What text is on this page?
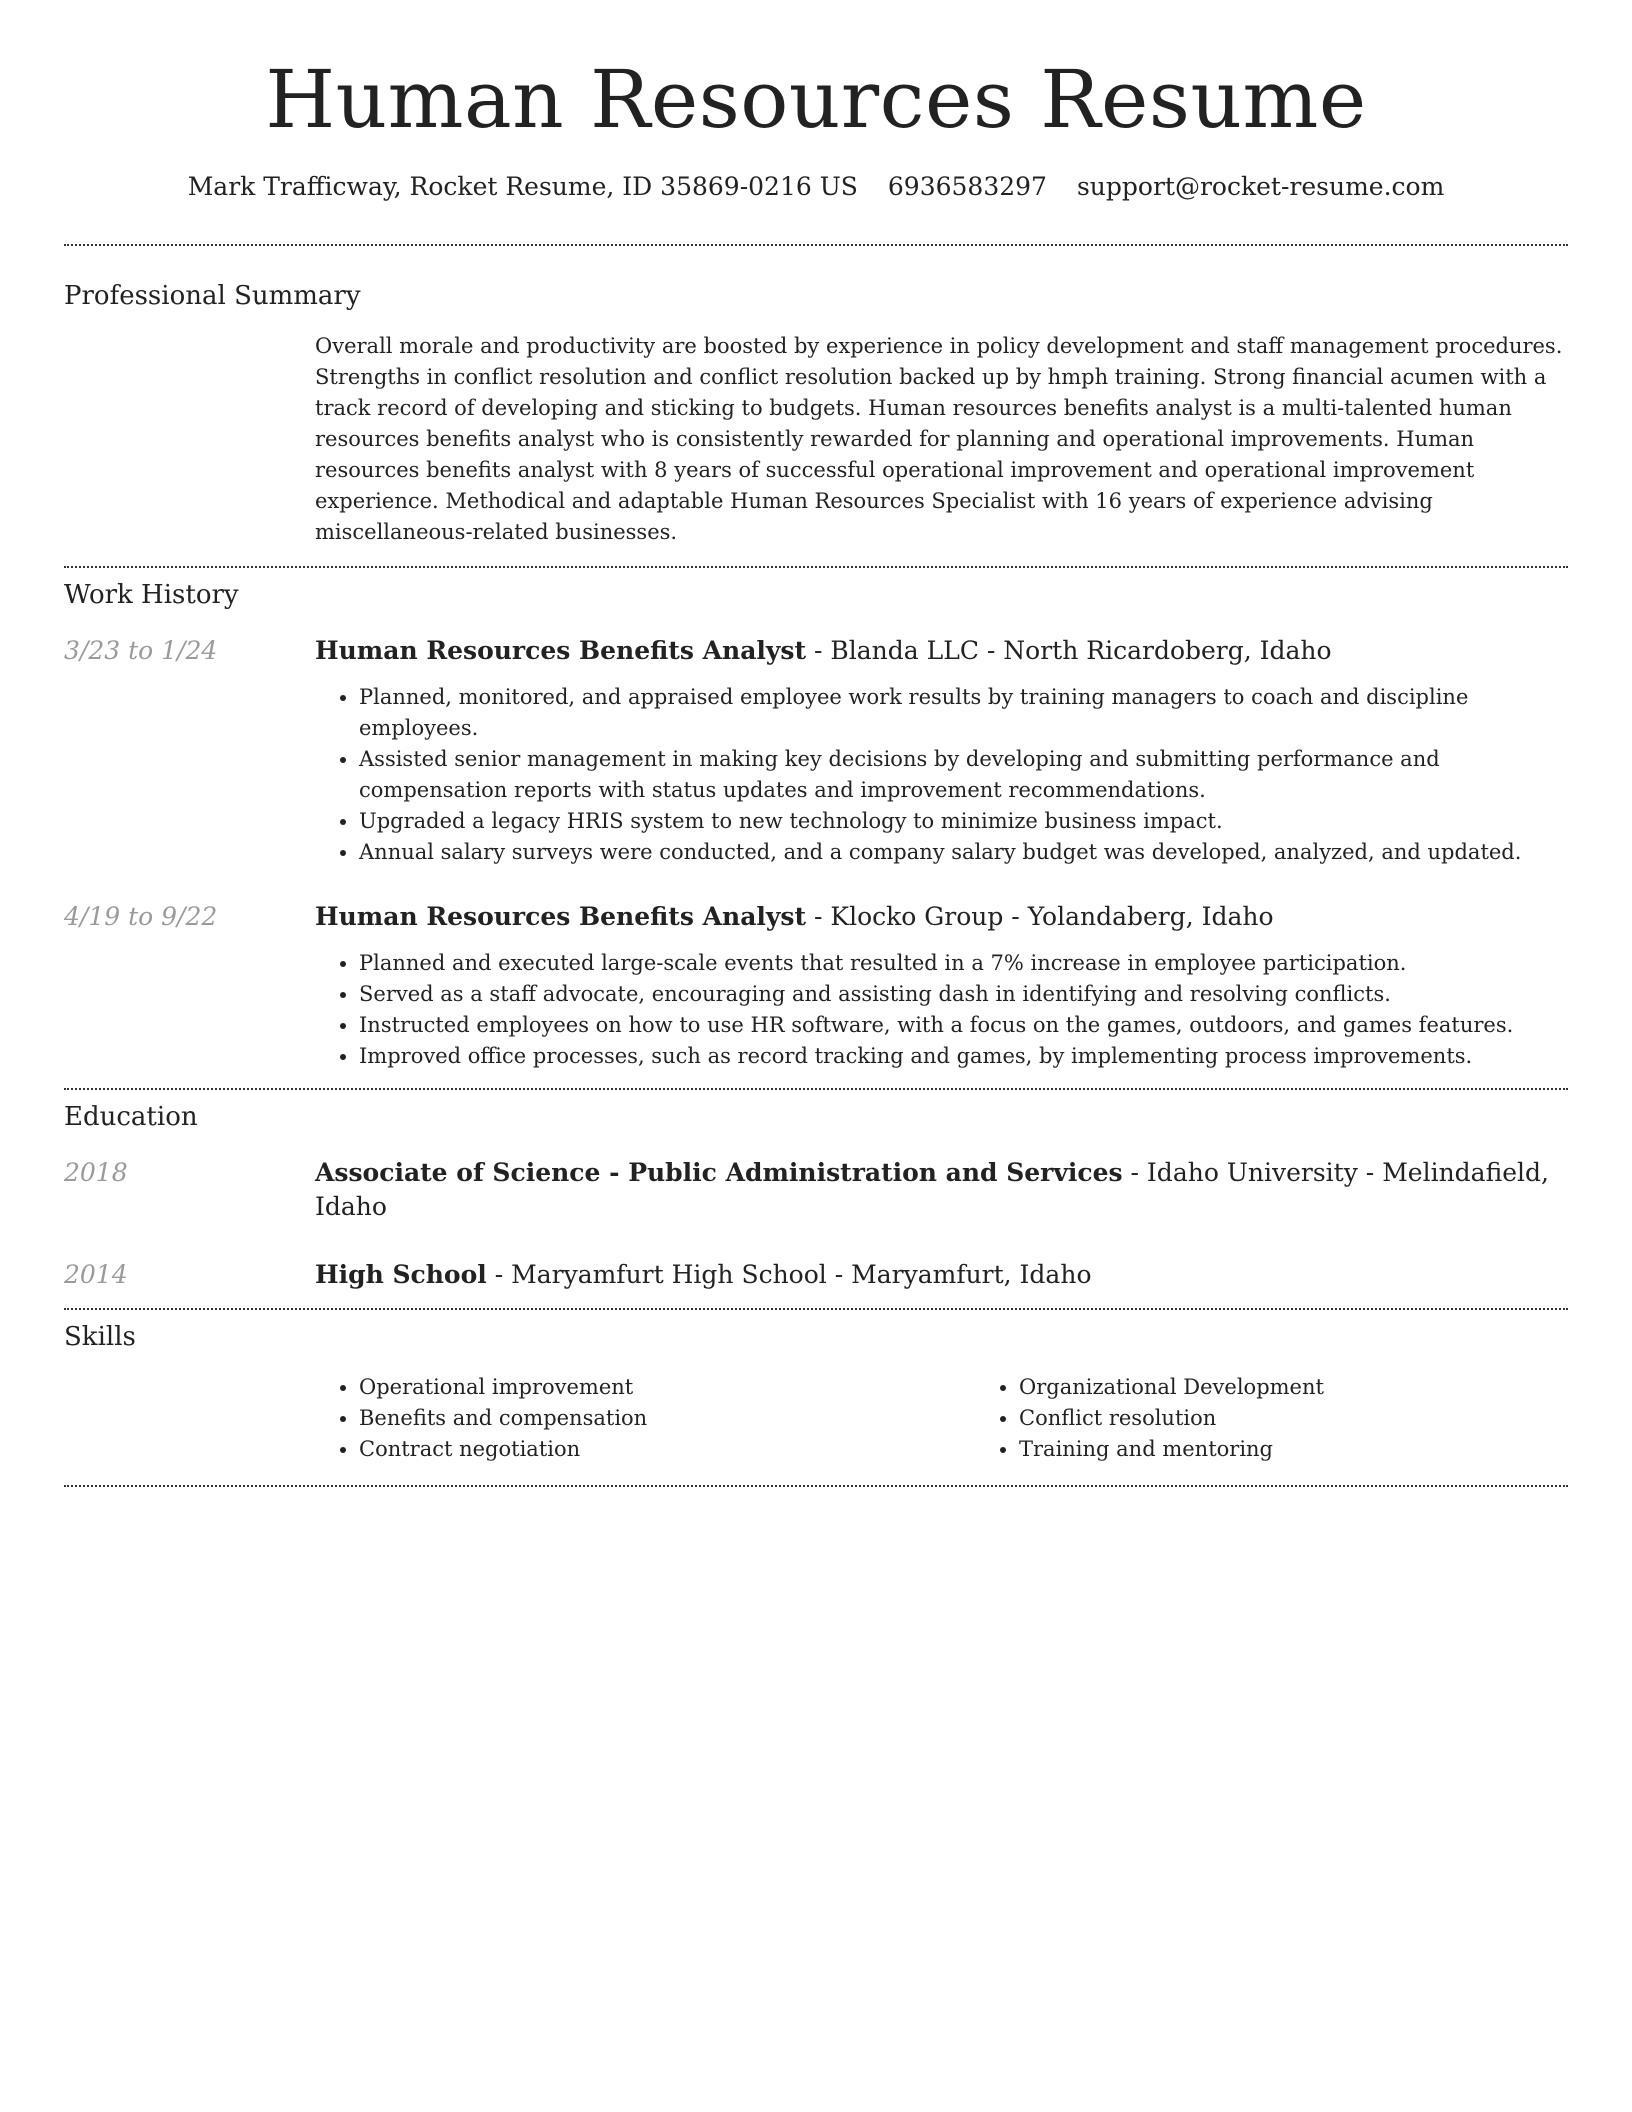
Human Resources Resume
Mark Trafficway, Rocket Resume, ID 35869-0216 US 6936583297 support@rocket-resume.com
Professional Summary

Overall morale and productivity are boosted by experience in policy development and staff management procedures. Strengths in conflict resolution and conflict resolution backed up by hmph training. Strong financial acumen with a track record of developing and sticking to budgets. Human resources benefits analyst is a multi-talented human resources benefits analyst who is consistently rewarded for planning and operational improvements. Human resources benefits analyst with 8 years of successful operational improvement and operational improvement experience. Methodical and adaptable Human Resources Specialist with 16 years of experience advising miscellaneous-related businesses.

Work History
3/23 to 1/24	Human Resources Benefits Analyst - Blanda LLC - North Ricardoberg, Idaho

• Planned, monitored, and appraised employee work results by training managers to coach and discipline employees.
• Assisted senior management in making key decisions by developing and submitting performance and compensation reports with status updates and improvement recommendations.
• Upgraded a legacy HRIS system to new technology to minimize business impact.
• Annual salary surveys were conducted, and a company salary budget was developed, analyzed, and updated.
4/19 to 9/22	Human Resources Benefits Analyst - Klocko Group - Yolandaberg, Idaho

• Planned and executed large-scale events that resulted in a 7% increase in employee participation.
• Served as a staff advocate, encouraging and assisting dash in identifying and resolving conflicts.
• Instructed employees on how to use HR software, with a focus on the games, outdoors, and games features.
• Improved office processes, such as record tracking and games, by implementing process improvements.
Education
2018	Associate of Science - Public Administration and Services - Idaho University - Melindafield, Idaho

2014	High School - Maryamfurt High School - Maryamfurt, Idaho

Skills
• Operational improvement
• Benefits and compensation
• Contract negotiation
• Organizational Development
• Conflict resolution
• Training and mentoring
